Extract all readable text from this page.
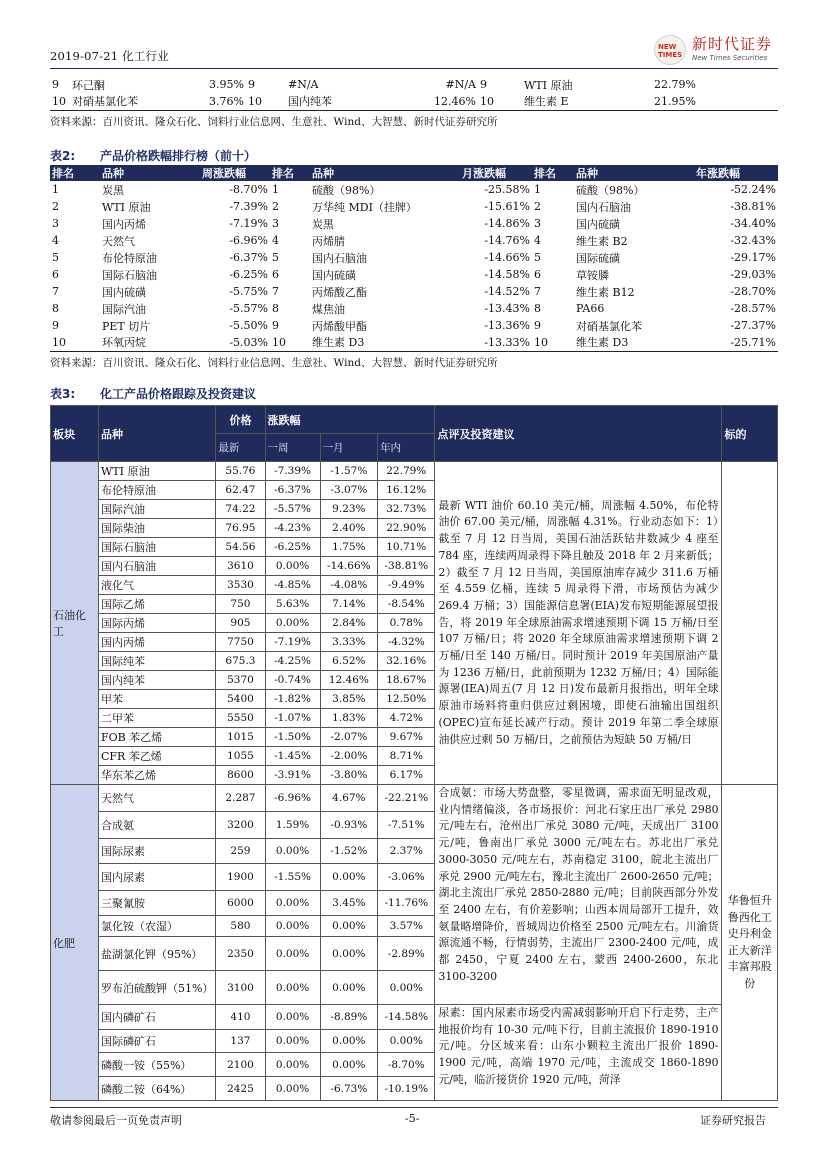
2019-07-21 化工行业
NEW TIMES
新时代证券
New Times Securities
9	环己酮	3.95%	9	#N/A	#N/A	9	WTI 原油	22.79%	
10	对硝基氯化苯	3.76%	10	国内纯苯	12.46%	10	维生素 E	21.95%	
资料来源：百川资讯、隆众石化、饲料行业信息网、生意社、Wind、大智慧、新时代证券研究所
表2: 产品价格跌幅排行榜（前十）
排名	品种	周涨跌幅	排名	品种	月涨跌幅	排名	品种	年涨跌幅
1	炭黑	-8.70%	1	硫酸（98%）	-25.58%	1	硫酸（98%）	-52.24%
2	WTI 原油	-7.39%	2	万华纯 MDI（挂牌）	-15.61%	2	国内石脑油	-38.81%
3	国内丙烯	-7.19%	3	炭黑	-14.86%	3	国内硫磺	-34.40%
4	天然气	-6.96%	4	丙烯腈	-14.76%	4	维生素 B2	-32.43%
5	布伦特原油	-6.37%	5	国内石脑油	-14.66%	5	国际硫磺	-29.17%
6	国际石脑油	-6.25%	6	国内硫磺	-14.58%	6	草铵膦	-29.03%
7	国内硫磺	-5.75%	7	丙烯酸乙酯	-14.52%	7	维生素 B12	-28.70%
8	国际汽油	-5.57%	8	煤焦油	-13.43%	8	PA66	-28.57%
9	PET 切片	-5.50%	9	丙烯酸甲酯	-13.36%	9	对硝基氯化苯	-27.37%
10	环氧丙烷	-5.03%	10	维生素 D3	-13.33%	10	维生素 D3	-25.71%
资料来源：百川资讯、隆众石化、饲料行业信息网、生意社、Wind、大智慧、新时代证券研究所
表3: 化工产品价格跟踪及投资建议
板块	品种	价格	涨跌幅			点评及投资建议	标的
		最新	一周	一月	年内		
石油化工	WTI 原油	55.76	-7.39%	-1.57%	22.79%	最新 WTI 油价 60.10 美元/桶，周涨幅 4.50%，布伦特油价 67.00 美元/桶，周涨幅 4.31%。行业动态如下：1）截至 7 月 12 日当周，美国石油活跃钻井数减少 4 座至 784 座，连续两周录得下降且触及 2018 年 2 月来新低；2）截至 7 月 12 日当周，美国原油库存减少 311.6 万桶至 4.559 亿桶，连续 5 周录得下滑，市场预估为减少 269.4 万桶；3）国能源信息署(EIA)发布短期能源展望报告，将 2019 年全球原油需求增速预期下调 15 万桶/日至 107 万桶/日；将 2020 年全球原油需求增速预期下调 2 万桶/日至 140 万桶/日。同时预计 2019 年美国原油产量为 1236 万桶/日，此前预期为 1232 万桶/日；4）国际能源署(IEA)周五(7 月 12 日)发布最新月报指出，明年全球原油市场料将重归供应过剩困境，即使石油输出国组织(OPEC)宣布延长减产行动。预计 2019 年第二季全球原油供应过剩 50 万桶/日，之前预估为短缺 50 万桶/日	
	布伦特原油	62.47	-6.37%	-3.07%	16.12%		
	国际汽油	74.22	-5.57%	9.23%	32.73%		
	国际柴油	76.95	-4.23%	2.40%	22.90%		
	国际石脑油	54.56	-6.25%	1.75%	10.71%		
	国内石脑油	3610	0.00%	-14.66%	-38.81%		
	液化气	3530	-4.85%	-4.08%	-9.49%		
	国际乙烯	750	5.63%	7.14%	-8.54%		
	国际丙烯	905	0.00%	2.84%	0.78%		
	国内丙烯	7750	-7.19%	3.33%	-4.32%		
	国际纯苯	675.3	-4.25%	6.52%	32.16%		
	国内纯苯	5370	-0.74%	12.46%	18.67%		
	甲苯	5400	-1.82%	3.85%	12.50%		
	二甲苯	5550	-1.07%	1.83%	4.72%		
	FOB 苯乙烯	1015	-1.50%	-2.07%	9.67%		
	CFR 苯乙烯	1055	-1.45%	-2.00%	8.71%		
	华东苯乙烯	8600	-3.91%	-3.80%	6.17%		
化肥	天然气	2.287	-6.96%	4.67%	-22.21%	合成氨：市场大势盘整，零星微调，需求面无明显改观，业内情绪偏淡，各市场报价：河北石家庄出厂承兑 2980 元/吨左右，沧州出厂承兑 3080 元/吨，天成出厂 3100 元/吨，鲁南出厂承兑 3000 元/吨左右。苏北出厂承兑 3000-3050 元/吨左右，苏南稳定 3100，皖北主流出厂承兑 2900 元/吨左右，豫北主流出厂 2600-2650 元/吨；湖北主流出厂承兑 2850-2880 元/吨；目前陕西部分外发至 2400 左右，有价差影响；山西本周局部开工提升，效氨量略增降价，晋城周边价格至 2500 元/吨左右。川渝货源流通不畅，行情弱势，主流出厂 2300-2400 元/吨，成都 2450，宁夏 2400 左右，蒙西 2400-2600，东北 3100-3200	华鲁恒升鲁西化工史丹利金正大新洋丰富邦股份
	合成氨	3200	1.59%	-0.93%	-7.51%		
	国际尿素	259	0.00%	-1.52%	2.37%		
	国内尿素	1900	-1.55%	0.00%	-3.06%		
	三聚氰胺	6000	0.00%	3.45%	-11.76%		
	氯化铵（农湿）	580	0.00%	0.00%	3.57%		
	盐湖氯化钾（95%）	2350	0.00%	0.00%	-2.89%		
	罗布泊硫酸钾（51%）	3100	0.00%	0.00%	0.00%		
	国内磷矿石	410	0.00%	-8.89%	-14.58%	尿素：国内尿素市场受内需减弱影响开启下行走势，主产地报价均有 10-30 元/吨下行，目前主流报价 1890-1910 元/吨。分区域来看：山东小颗粒主流出厂报价 1890-1900 元/吨，高端 1970 元/吨，主流成交 1860-1890 元/吨，临沂接货价 1920 元/吨，菏泽	
	国际磷矿石	137	0.00%	0.00%	0.00%		
	磷酸一铵（55%）	2100	0.00%	0.00%	-8.70%		
	磷酸二铵（64%）	2425	0.00%	-6.73%	-10.19%		
敬请参阅最后一页免责声明	-5-	证券研究报告
